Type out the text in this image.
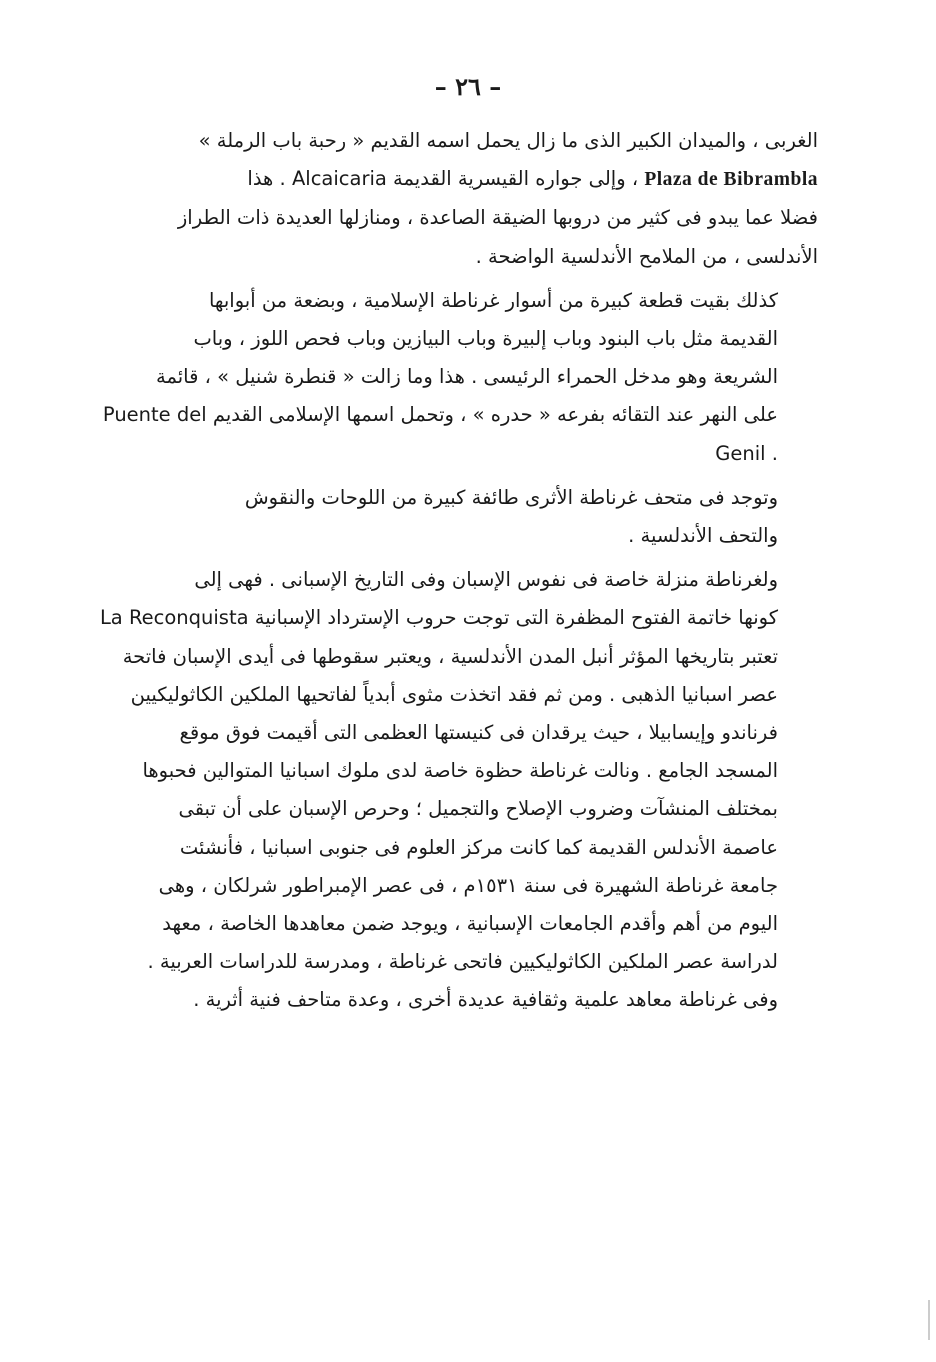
– ٢٦ –

الغربى ، والميدان الكبير الذى ما زال يحمل اسمه القديم « رحبة باب الرملة »
Plaza de Bibrambla ، وإلى جواره القيسرية القديمة Alcaicaria . هذا
فضلا عما يبدو فى كثير من دروبها الضيقة الصاعدة ، ومنازلها العديدة ذات الطراز
الأندلسى ، من الملامح الأندلسية الواضحة .

كذلك بقيت قطعة كبيرة من أسوار غرناطة الإسلامية ، وبضعة من أبوابها
القديمة مثل باب البنود وباب إلبيرة وباب البيازين وباب فحص اللوز ، وباب
الشريعة وهو مدخل الحمراء الرئيسى . هذا وما زالت « قنطرة شنيل » ، قائمة
على النهر عند التقائه بفرعه « حدره » ، وتحمل اسمها الإسلامى القديم Puente del
. Genil

وتوجد فى متحف غرناطة الأثرى طائفة كبيرة من اللوحات والنقوش
والتحف الأندلسية .

ولغرناطة منزلة خاصة فى نفوس الإسبان وفى التاريخ الإسبانى . فهى إلى
كونها خاتمة الفتوح المظفرة التى توجت حروب الإسترداد الإسبانية La Reconquista
تعتبر بتاريخها المؤثر أنبل المدن الأندلسية ، ويعتبر سقوطها فى أيدى الإسبان فاتحة
عصر اسبانيا الذهبى . ومن ثم فقد اتخذت مثوى أبدياً لفاتحيها الملكين الكاثوليكيين
فرناندو وإيسابيلا ، حيث يرقدان فى كنيستها العظمى التى أقيمت فوق موقع
المسجد الجامع . ونالت غرناطة حظوة خاصة لدى ملوك اسبانيا المتوالين فحبوها
بمختلف المنشآت وضروب الإصلاح والتجميل ؛ وحرص الإسبان على أن تبقى
عاصمة الأندلس القديمة كما كانت مركز العلوم فى جنوبى اسبانيا ، فأنشئت
جامعة غرناطة الشهيرة فى سنة ١٥٣١م ، فى عصر الإمبراطور شرلكان ، وهى
اليوم من أهم وأقدم الجامعات الإسبانية ، ويوجد ضمن معاهدها الخاصة ، معهد
لدراسة عصر الملكين الكاثوليكيين فاتحى غرناطة ، ومدرسة للدراسات العربية .
وفى غرناطة معاهد علمية وثقافية عديدة أخرى ، وعدة متاحف فنية أثرية .
